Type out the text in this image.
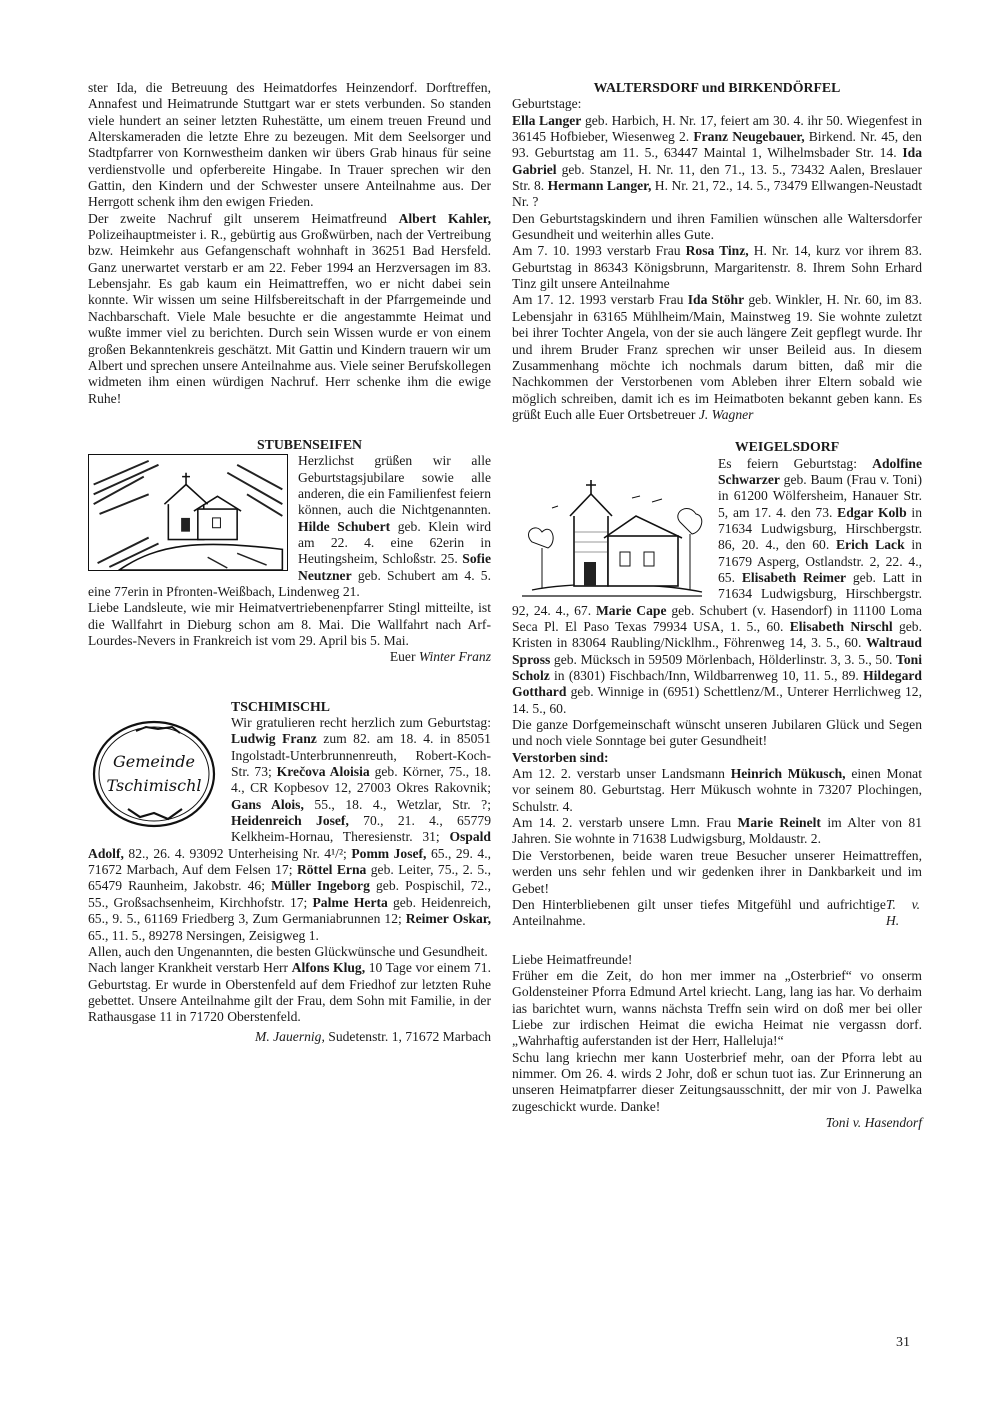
ster Ida, die Betreuung des Heimatdorfes Heinzendorf. Dorftreffen, Annafest und Heimatrunde Stuttgart war er stets verbunden. So standen viele hundert an seiner letzten Ruhestätte, um einem treuen Freund und Alterskameraden die letzte Ehre zu bezeugen. Mit dem Seelsorger und Stadtpfarrer von Kornwestheim danken wir übers Grab hinaus für seine verdienstvolle und opferbereite Hingabe. In Trauer sprechen wir den Gattin, den Kindern und der Schwester unsere Anteilnahme aus. Der Herrgott schenk ihm den ewigen Frieden.

Der zweite Nachruf gilt unserem Heimatfreund Albert Kahler, Polizeihauptmeister i. R., gebürtig aus Großwürben, nach der Vertreibung bzw. Heimkehr aus Gefangenschaft wohnhaft in 36251 Bad Hersfeld. Ganz unerwartet verstarb er am 22. Feber 1994 an Herzversagen im 83. Lebensjahr. Es gab kaum ein Heimattreffen, wo er nicht dabei sein konnte. Wir wissen um seine Hilfsbereitschaft in der Pfarrgemeinde und Nachbarschaft. Viele Male besuchte er die angestammte Heimat und wußte immer viel zu berichten. Durch sein Wissen wurde er von einem großen Bekanntenkreis geschätzt. Mit Gattin und Kindern trauern wir um Albert und sprechen unsere Anteilnahme aus. Viele seiner Berufskollegen widmeten ihm einen würdigen Nachruf. Herr schenke ihm die ewige Ruhe!

STUBENSEIFEN

Herzlichst grüßen wir alle Geburtstagsjubilare sowie alle anderen, die ein Familienfest feiern können, auch die Nichtgenannten. Hilde Schubert geb. Klein wird am 22. 4. eine 62erin in Heutingsheim, Schloßstr. 25. Sofie Neutzner geb. Schubert am 4. 5. eine 77erin in Pfronten-Weißbach, Lindenweg 21.

Liebe Landsleute, wie mir Heimatvertriebenenpfarrer Stingl mitteilte, ist die Wallfahrt in Dieburg schon am 8. Mai. Die Wallfahrt nach Arf-Lourdes-Nevers in Frankreich ist vom 29. April bis 5. Mai.

Euer Winter Franz

TSCHIMISCHL
Gemeinde
Tschimischl

Wir gratulieren recht herzlich zum Geburtstag: Ludwig Franz zum 82. am 18. 4. in 85051 Ingolstadt-Unterbrunnenreuth, Robert-Koch-Str. 73; Krečova Aloisia geb. Körner, 75., 18. 4., CR Kopbesov 12, 27003 Okres Rakovnik; Gans Alois, 55., 18. 4., Wetzlar, Str. ?; Heidenreich Josef, 70., 21. 4., 65779 Kelkheim-Hornau, Theresienstr. 31; Ospald Adolf, 82., 26. 4. 93092 Unterheising Nr. 4¹/²; Pomm Josef, 65., 29. 4., 71672 Marbach, Auf dem Felsen 17; Röttel Erna geb. Leiter, 75., 2. 5., 65479 Raunheim, Jakobstr. 46; Müller Ingeborg geb. Pospischil, 72., 55., Großsachsenheim, Kirchhofstr. 17; Palme Herta geb. Heidenreich, 65., 9. 5., 61169 Friedberg 3, Zum Germaniabrunnen 12; Reimer Oskar, 65., 11. 5., 89278 Nersingen, Zeisigweg 1.

Allen, auch den Ungenannten, die besten Glückwünsche und Gesundheit.

Nach langer Krankheit verstarb Herr Alfons Klug, 10 Tage vor einem 71. Geburtstag. Er wurde in Oberstenfeld auf dem Friedhof zur letzten Ruhe gebettet. Unsere Anteilnahme gilt der Frau, dem Sohn mit Familie, in der Rathausgase 11 in 71720 Oberstenfeld.

M. Jauernig, Sudetenstr. 1, 71672 Marbach

WALTERSDORF und BIRKENDÖRFEL

Geburtstage:

Ella Langer geb. Harbich, H. Nr. 17, feiert am 30. 4. ihr 50. Wiegenfest in 36145 Hofbieber, Wiesenweg 2. Franz Neugebauer, Birkend. Nr. 45, den 93. Geburtstag am 11. 5., 63447 Maintal 1, Wilhelmsbader Str. 14. Ida Gabriel geb. Stanzel, H. Nr. 11, den 71., 13. 5., 73432 Aalen, Breslauer Str. 8. Hermann Langer, H. Nr. 21, 72., 14. 5., 73479 Ellwangen-Neustadt Nr. ?

Den Geburtstagskindern und ihren Familien wünschen alle Waltersdorfer Gesundheit und weiterhin alles Gute.

Am 7. 10. 1993 verstarb Frau Rosa Tinz, H. Nr. 14, kurz vor ihrem 83. Geburtstag in 86343 Königsbrunn, Margaritenstr. 8. Ihrem Sohn Erhard Tinz gilt unsere Anteilnahme

Am 17. 12. 1993 verstarb Frau Ida Stöhr geb. Winkler, H. Nr. 60, im 83. Lebensjahr in 63165 Mühlheim/Main, Mainstweg 19. Sie wohnte zuletzt bei ihrer Tochter Angela, von der sie auch längere Zeit gepflegt wurde. Ihr und ihrem Bruder Franz sprechen wir unser Beileid aus. In diesem Zusammenhang möchte ich nochmals darum bitten, daß mir die Nachkommen der Verstorbenen vom Ableben ihrer Eltern sobald wie möglich schreiben, damit ich es im Heimatboten bekannt geben kann. Es grüßt Euch alle Euer Ortsbetreuer J. Wagner

WEIGELSDORF

Es feiern Geburtstag: Adolfine Schwarzer geb. Baum (Frau v. Toni) in 61200 Wölfersheim, Hanauer Str. 5, am 17. 4. den 73. Edgar Kolb in 71634 Ludwigsburg, Hirschbergstr. 86, 20. 4., den 60. Erich Lack in 71679 Asperg, Ostlandstr. 2, 22. 4., 65. Elisabeth Reimer geb. Latt in 71634 Ludwigsburg, Hirschbergstr. 92, 24. 4., 67. Marie Cape geb. Schubert (v. Hasendorf) in 11100 Loma Seca Pl. El Paso Texas 79934 USA, 1. 5., 60. Elisabeth Nirschl geb. Kristen in 83064 Raubling/Nicklhm., Föhrenweg 14, 3. 5., 60. Waltraud Spross geb. Mücksch in 59509 Mörlenbach, Hölderlinstr. 3, 3. 5., 50. Toni Scholz in (8301) Fischbach/Inn, Wildbarrenweg 10, 11. 5., 89. Hildegard Gotthard geb. Winnige in (6951) Schettlenz/M., Unterer Herrlichweg 12, 14. 5., 60.

Die ganze Dorfgemeinschaft wünscht unseren Jubilaren Glück und Segen und noch viele Sonntage bei guter Gesundheit!

Verstorben sind:

Am 12. 2. verstarb unser Landsmann Heinrich Mükusch, einen Monat vor seinem 80. Geburtstag. Herr Mükusch wohnte in 73207 Plochingen, Schulstr. 4.

Am 14. 2. verstarb unsere Lmn. Frau Marie Reinelt im Alter von 81 Jahren. Sie wohnte in 71638 Ludwigsburg, Moldaustr. 2.

Die Verstorbenen, beide waren treue Besucher unserer Heimattreffen, werden uns sehr fehlen und wir gedenken ihrer in Dankbarkeit und im Gebet!

Den Hinterbliebenen gilt unser tiefes Mitgefühl und aufrichtige Anteilnahme.
T. v. H.

Liebe Heimatfreunde!

Früher em die Zeit, do hon mer immer na „Osterbrief“ vo onserm Goldensteiner Pforra Edmund Artel kriecht. Lang, lang ias har. Vo derhaim ias barichtet wurn, wanns nächsta Treffn sein wird on doß mer bei oller Liebe zur irdischen Heimat die ewicha Heimat nie vergassn dorf. „Wahrhaftig auferstanden ist der Herr, Halleluja!“

Schu lang kriechn mer kann Uosterbrief mehr, oan der Pforra lebt au nimmer. Om 26. 4. wirds 2 Johr, doß er schun tuot ias. Zur Erinnerung an unseren Heimatpfarrer dieser Zeitungsausschnitt, der mir von J. Pawelka zugeschickt wurde. Danke!

Toni v. Hasendorf

31
